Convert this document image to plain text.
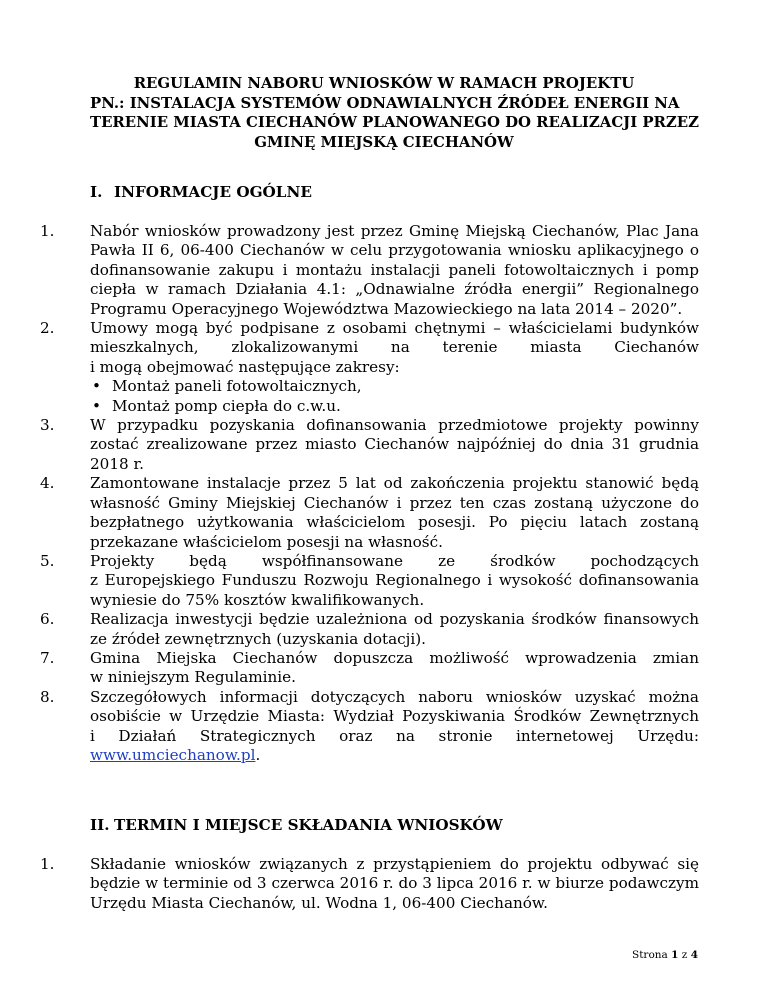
REGULAMIN NABORU WNIOSKÓW W RAMACH PROJEKTU
PN.: INSTALACJA SYSTEMÓW ODNAWIALNYCH ŹRÓDEŁ ENERGII NA
TERENIE MIASTA CIECHANÓW PLANOWANEGO DO REALIZACJI PRZEZ
GMINĘ MIEJSKĄ CIECHANÓW
I. INFORMACJE OGÓLNE
1. Nabór wniosków prowadzony jest przez Gminę Miejską Ciechanów, Plac Jana
Pawła II 6, 06-400 Ciechanów w celu przygotowania wniosku aplikacyjnego o
dofinansowanie zakupu i montażu instalacji paneli fotowoltaicznych i pomp
ciepła w ramach Działania 4.1: „Odnawialne źródła energii” Regionalnego
Programu Operacyjnego Województwa Mazowieckiego na lata 2014 – 2020”.
2. Umowy mogą być podpisane z osobami chętnymi – właścicielami budynków
mieszkalnych, zlokalizowanymi na terenie miasta Ciechanów
i mogą obejmować następujące zakresy:
• Montaż paneli fotowoltaicznych,
• Montaż pomp ciepła do c.w.u.
3. W przypadku pozyskania dofinansowania przedmiotowe projekty powinny
zostać zrealizowane przez miasto Ciechanów najpóźniej do dnia 31 grudnia
2018 r.
4. Zamontowane instalacje przez 5 lat od zakończenia projektu stanowić będą
własność Gminy Miejskiej Ciechanów i przez ten czas zostaną użyczone do
bezpłatnego użytkowania właścicielom posesji. Po pięciu latach zostaną
przekazane właścicielom posesji na własność.
5. Projekty będą współfinansowane ze środków pochodzących
z Europejskiego Funduszu Rozwoju Regionalnego i wysokość dofinansowania
wyniesie do 75% kosztów kwalifikowanych.
6. Realizacja inwestycji będzie uzależniona od pozyskania środków finansowych
ze źródeł zewnętrznych (uzyskania dotacji).
7. Gmina Miejska Ciechanów dopuszcza możliwość wprowadzenia zmian
w niniejszym Regulaminie.
8. Szczegółowych informacji dotyczących naboru wniosków uzyskać można
osobiście w Urzędzie Miasta: Wydział Pozyskiwania Środków Zewnętrznych
i Działań Strategicznych oraz na stronie internetowej Urzędu:
www.umciechanow.pl.
II. TERMIN I MIEJSCE SKŁADANIA WNIOSKÓW
1. Składanie wniosków związanych z przystąpieniem do projektu odbywać się
będzie w terminie od 3 czerwca 2016 r. do 3 lipca 2016 r. w biurze podawczym
Urzędu Miasta Ciechanów, ul. Wodna 1, 06-400 Ciechanów.
Strona 1 z 4
